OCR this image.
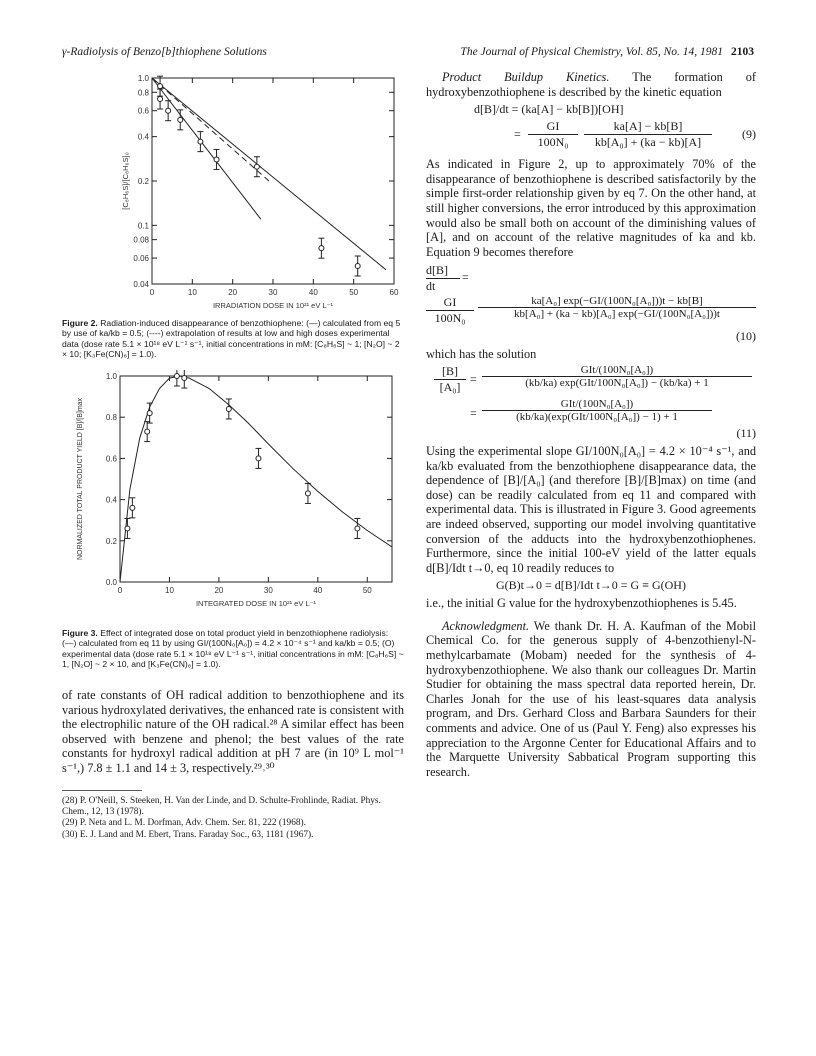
γ-Radiolysis of Benzo[b]thiophene Solutions	The Journal of Physical Chemistry, Vol. 85, No. 14, 1981 2103
0	10	20	30	40	50	60
1.0
0.8
0.6
0.4
0.2
0.1
0.08
0.06
0.04
IRRADIATION DOSE IN 10²¹ eV L⁻¹
[C₈H₆S]/[C₈H₆S]₀
Figure 2. Radiation-induced disappearance of benzothiophene: (—) calculated from eq 5 by use of ka/kb = 0.5; (----) extrapolation of results at low and high doses experimental data (dose rate 5.1 × 10¹⁸ eV L⁻¹ s⁻¹, initial concentrations in mM: [C₈H₆S] ~ 1; [N₂O] ~ 2 × 10; [K₃Fe(CN)₆] = 1.0).
0	10	20	30	40	50
0.0
0.2
0.4
0.6
0.8
1.0
INTEGRATED DOSE IN 10²¹ eV L⁻¹
NORMALIZED TOTAL PRODUCT YIELD [B]/[B]max
Figure 3. Effect of integrated dose on total product yield in benzothiophene radiolysis: (—) calculated from eq 11 by using GI/(100N₀[A₀]) = 4.2 × 10⁻⁴ s⁻¹ and ka/kb = 0.5; (O) experimental data (dose rate 5.1 × 10¹⁸ eV L⁻¹ s⁻¹, initial concentrations in mM: [C₈H₆S] ~ 1, [N₂O] ~ 2 × 10, and [K₃Fe(CN)₆] = 1.0).

of rate constants of OH radical addition to benzothiophene and its various hydroxylated derivatives, the enhanced rate is consistent with the electrophilic nature of the OH radical.²⁸ A similar effect has been observed with benzene and phenol; the best values of the rate constants for hydroxyl radical addition at pH 7 are (in 10⁹ L mol⁻¹ s⁻¹,) 7.8 ± 1.1 and 14 ± 3, respectively.²⁹˒³⁰

(28) P. O'Neill, S. Steeken, H. Van der Linde, and D. Schulte-Frohlinde, Radiat. Phys. Chem., 12, 13 (1978).
(29) P. Neta and L. M. Dorfman, Adv. Chem. Ser. 81, 222 (1968).
(30) E. J. Land and M. Ebert, Trans. Faraday Soc., 63, 1181 (1967).

Product Buildup Kinetics. The formation of hydroxybenzothiophene is described by the kinetic equation

d[B]/dt = (ka[A] − kb[B])[OH]
= $\frac{GI}{\text{100N₀}} \frac{ka[A] - kb[B]}{\text{kb[A₀] + (ka − kb)[A]}}$	(9)

As indicated in Figure 2, up to approximately 70% of the disappearance of benzothiophene is described satisfactorily by the simple first-order relationship given by eq 7. On the other hand, at still higher conversions, the error introduced by this approximation would also be small both on account of the diminishing values of [A], and on account of the relative magnitudes of ka and kb. Equation 9 becomes therefore

$\frac{d[B]}{dt}$ =
$\frac{GI}{\text{100N₀}} \frac{\text{ka[A₀] exp(−GI/(100N₀[A₀]))t − kb[B]}}{\text{kb[A₀] + (ka − kb)[A₀] exp(−GI/(100N₀[A₀]))t}}$
(10)

which has the solution

$\frac{[B]}{\text{[A₀]}}$ =
GIt/(100N₀[A₀])
(kb/ka) exp(GIt/100N₀[A₀]) − (kb/ka) + 1
=
GIt/(100N₀[A₀])
(kb/ka)(exp(GIt/100N₀[A₀]) − 1) + 1
(11)

Using the experimental slope GI/100N₀[A₀] = 4.2 × 10⁻⁴ s⁻¹, and ka/kb evaluated from the benzothiophene disappearance data, the dependence of [B]/[A₀] (and therefore [B]/[B]max) on time (and dose) can be readily calculated from eq 11 and compared with experimental data. This is illustrated in Figure 3. Good agreements are indeed observed, supporting our model involving quantitative conversion of the adducts into the hydroxybenzothiophenes. Furthermore, since the initial 100-eV yield of the latter equals d[B]/Idt t→0, eq 10 readily reduces to

G(B)t→0 = d[B]/Idt t→0 = G ≡ G(OH)

i.e., the initial G value for the hydroxybenzothiophenes is 5.45.

Acknowledgment. We thank Dr. H. A. Kaufman of the Mobil Chemical Co. for the generous supply of 4-benzothienyl-N-methylcarbamate (Mobam) needed for the synthesis of 4-hydroxybenzothiophene. We also thank our colleagues Dr. Martin Studier for obtaining the mass spectral data reported herein, Dr. Charles Jonah for the use of his least-squares data analysis program, and Drs. Gerhard Closs and Barbara Saunders for their comments and advice. One of us (Paul Y. Feng) also expresses his appreciation to the Argonne Center for Educational Affairs and to the Marquette University Sabbatical Program supporting this research.
